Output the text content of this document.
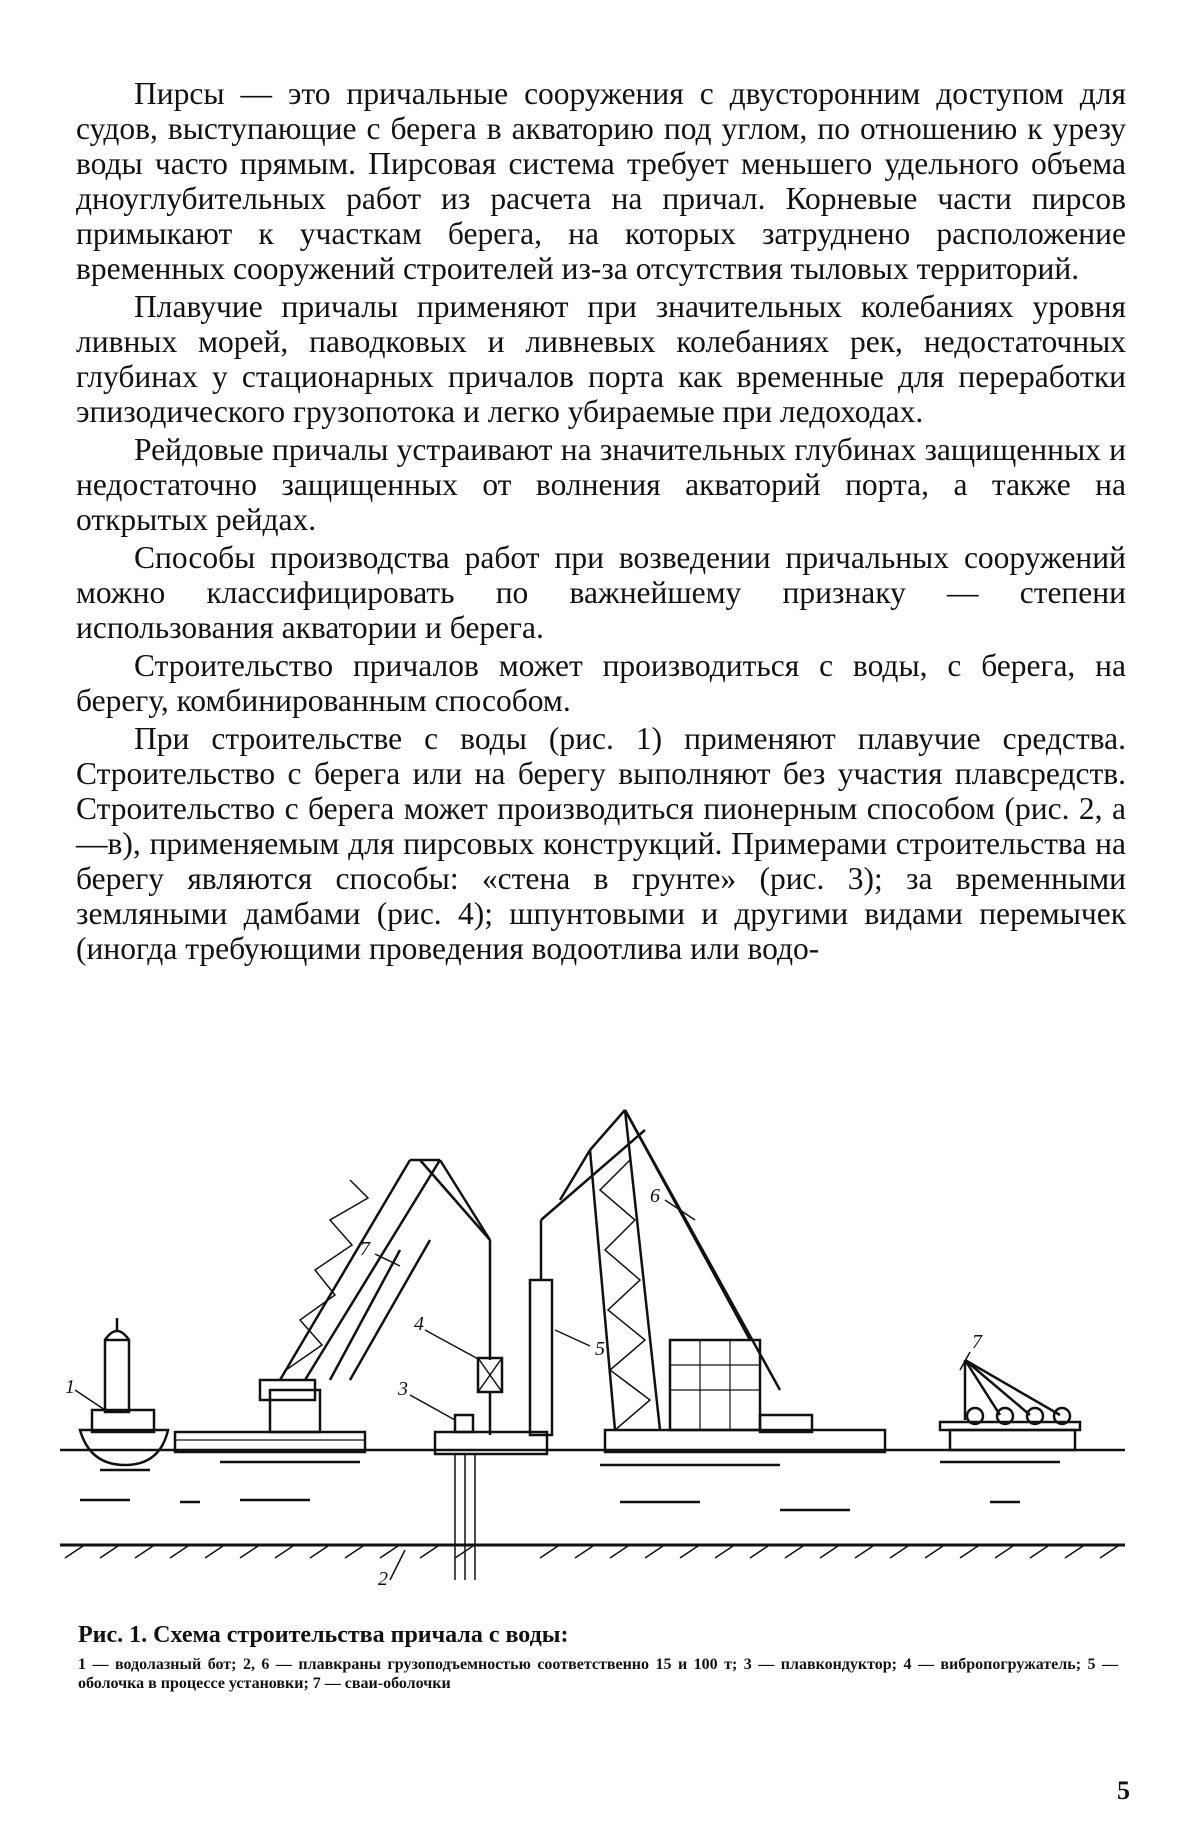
Пирсы — это причальные сооружения с двусторонним доступом для судов, выступающие с берега в акваторию под углом, по отношению к урезу воды часто прямым. Пирсовая система требует меньшего удельного объема дноуглубительных работ из расчета на причал. Корневые части пирсов примыкают к участкам берега, на которых затруднено расположение временных сооружений строителей из-за отсутствия тыловых территорий.

Плавучие причалы применяют при значительных колебаниях уровня ливных морей, паводковых и ливневых колебаниях рек, недостаточных глубинах у стационарных причалов порта как временные для переработки эпизодического грузопотока и легко убираемые при ледоходах.

Рейдовые причалы устраивают на значительных глубинах защищенных и недостаточно защищенных от волнения акваторий порта, а также на открытых рейдах.

Способы производства работ при возведении причальных сооружений можно классифицировать по важнейшему признаку — степени использования акватории и берега.

Строительство причалов может производиться с воды, с берега, на берегу, комбинированным способом.

При строительстве с воды (рис. 1) применяют плавучие средства. Строительство с берега или на берегу выполняют без участия плавсредств. Строительство с берега может производиться пионерным способом (рис. 2, а—в), применяемым для пирсовых конструкций. Примерами строительства на берегу являются способы: «стена в грунте» (рис. 3); за временными земляными дамбами (рис. 4); шпунтовыми и другими видами перемычек (иногда требующими проведения водоотлива или водо-

1
7
4
3
5
6
7
2

Рис. 1. Схема строительства причала с воды:

1 — водолазный бот; 2, 6 — плавкраны грузоподъемностью соответственно 15 и 100 т; 3 — плавкондуктор; 4 — вибропогружатель; 5 — оболочка в процессе установки; 7 — сваи-оболочки

5
